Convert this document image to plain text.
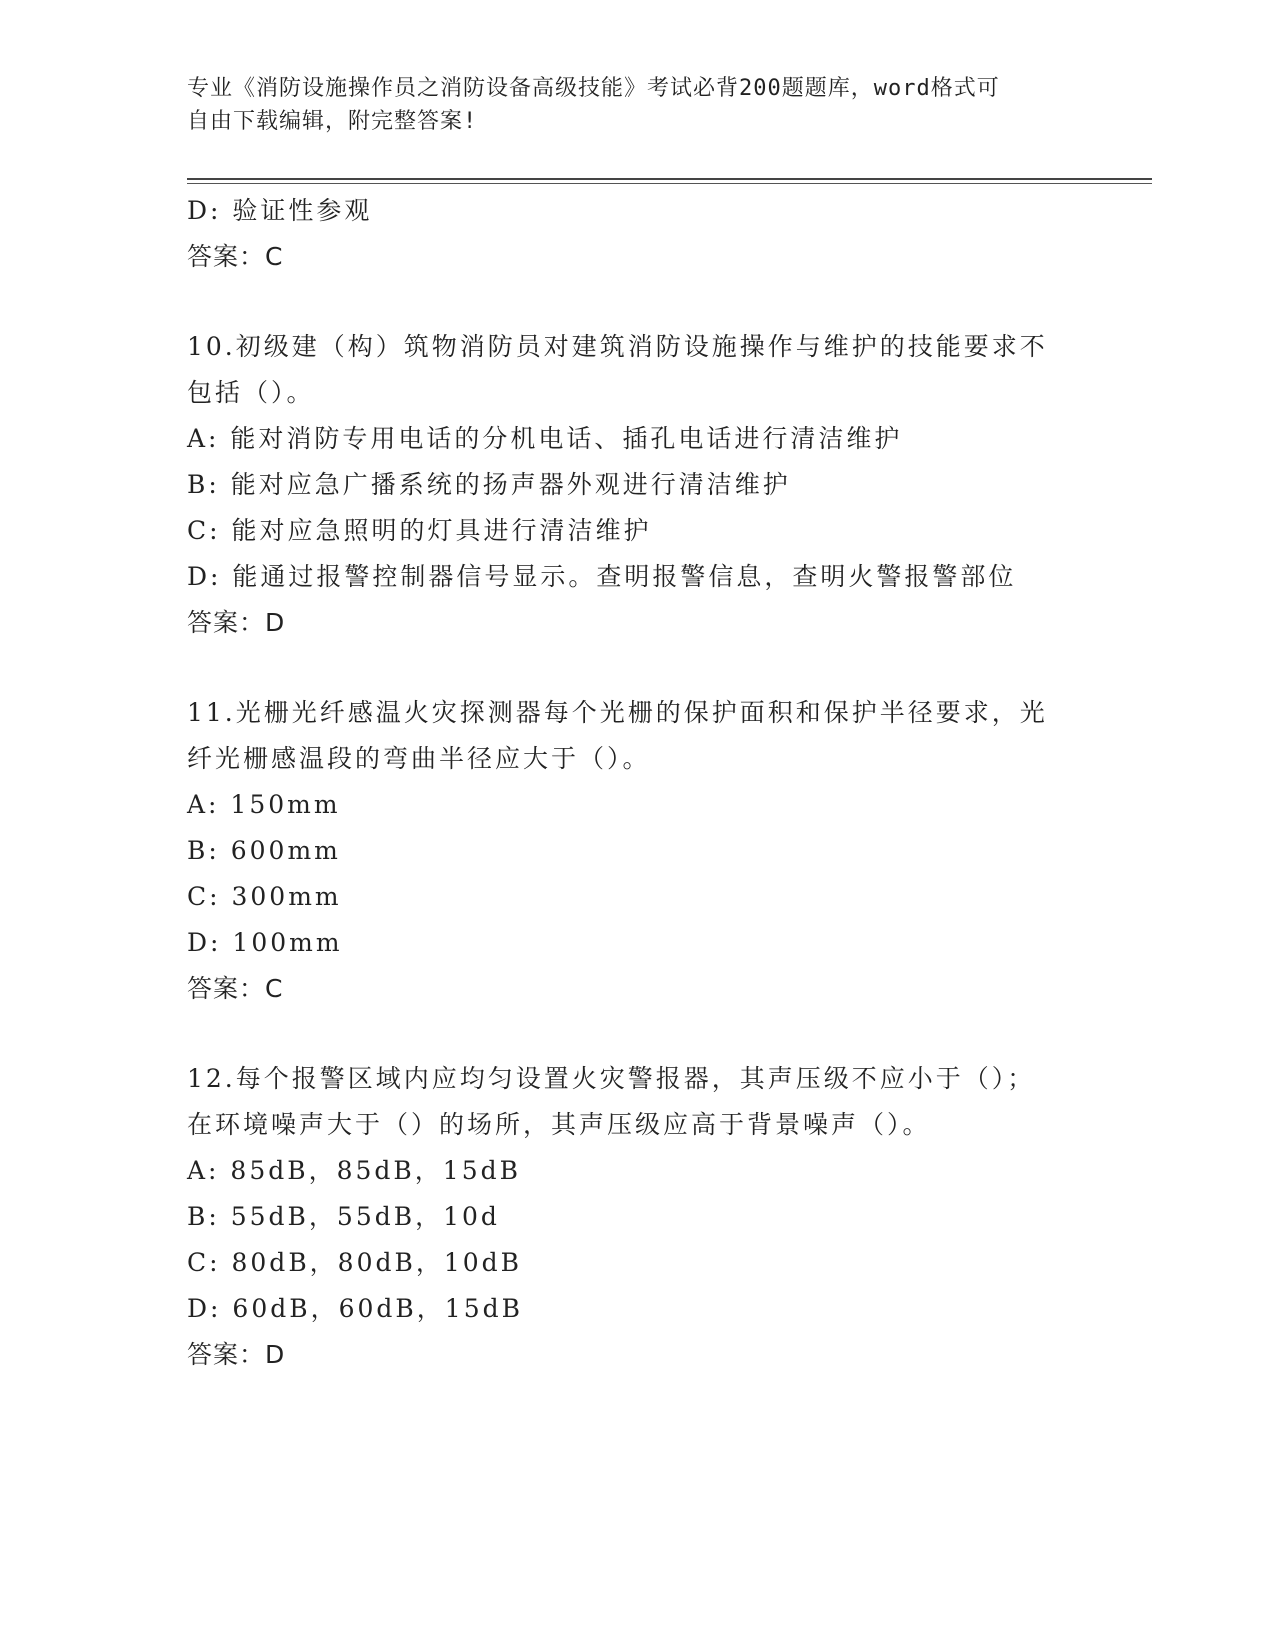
专业《消防设施操作员之消防设备高级技能》考试必背200题题库，word格式可
自由下载编辑，附完整答案!
D: 验证性参观
答案：C
10.初级建（构）筑物消防员对建筑消防设施操作与维护的技能要求不
包括（）。
A: 能对消防专用电话的分机电话、插孔电话进行清洁维护
B: 能对应急广播系统的扬声器外观进行清洁维护
C: 能对应急照明的灯具进行清洁维护
D: 能通过报警控制器信号显示。查明报警信息，查明火警报警部位
答案：D
11.光栅光纤感温火灾探测器每个光栅的保护面积和保护半径要求，光
纤光栅感温段的弯曲半径应大于（）。
A: 150mm
B: 600mm
C: 300mm
D: 100mm
答案：C
12.每个报警区域内应均匀设置火灾警报器，其声压级不应小于（）；
在环境噪声大于（）的场所，其声压级应高于背景噪声（）。
A: 85dB，85dB，15dB
B: 55dB，55dB，10d
C: 80dB，80dB，10dB
D: 60dB，60dB，15dB
答案：D
